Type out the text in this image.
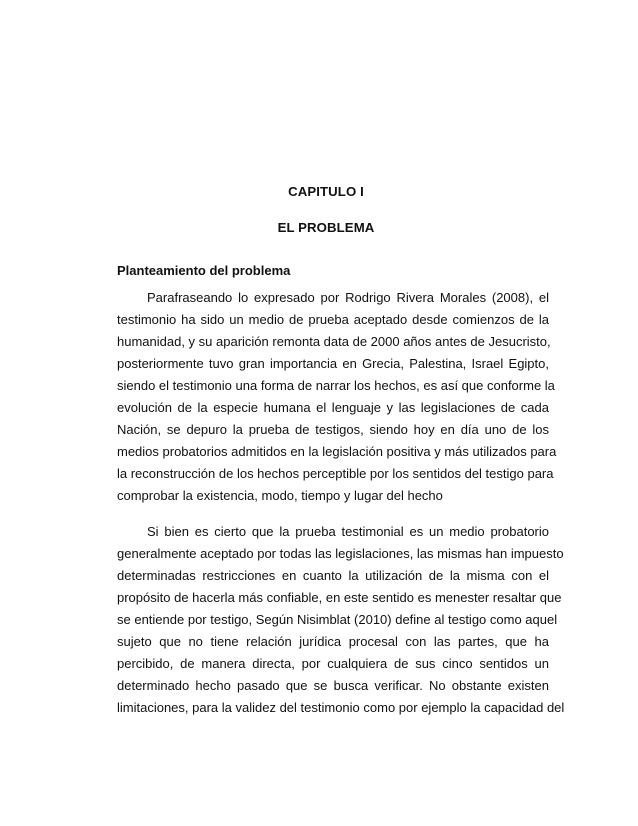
CAPITULO I
EL PROBLEMA
Planteamiento del problema
Parafraseando lo expresado por Rodrigo Rivera Morales (2008), el
testimonio ha sido un medio de prueba aceptado desde comienzos de la
humanidad, y su aparición remonta data de 2000 años antes de Jesucristo,
posteriormente tuvo gran importancia en Grecia, Palestina, Israel Egipto,
siendo el testimonio una forma de narrar los hechos, es así que conforme la
evolución de la especie humana el lenguaje y las legislaciones de cada
Nación, se depuro la prueba de testigos, siendo hoy en día uno de los
medios probatorios admitidos en la legislación positiva y más utilizados para
la reconstrucción de los hechos perceptible por los sentidos del testigo para
comprobar la existencia, modo, tiempo y lugar del hecho
Si bien es cierto que la prueba testimonial es un medio probatorio
generalmente aceptado por todas las legislaciones, las mismas han impuesto
determinadas restricciones en cuanto la utilización de la misma con el
propósito de hacerla más confiable, en este sentido es menester resaltar que
se entiende por testigo, Según Nisimblat (2010) define al testigo como aquel
sujeto que no tiene relación jurídica procesal con las partes, que ha
percibido, de manera directa, por cualquiera de sus cinco sentidos un
determinado hecho pasado que se busca verificar. No obstante existen
limitaciones, para la validez del testimonio como por ejemplo la capacidad del
